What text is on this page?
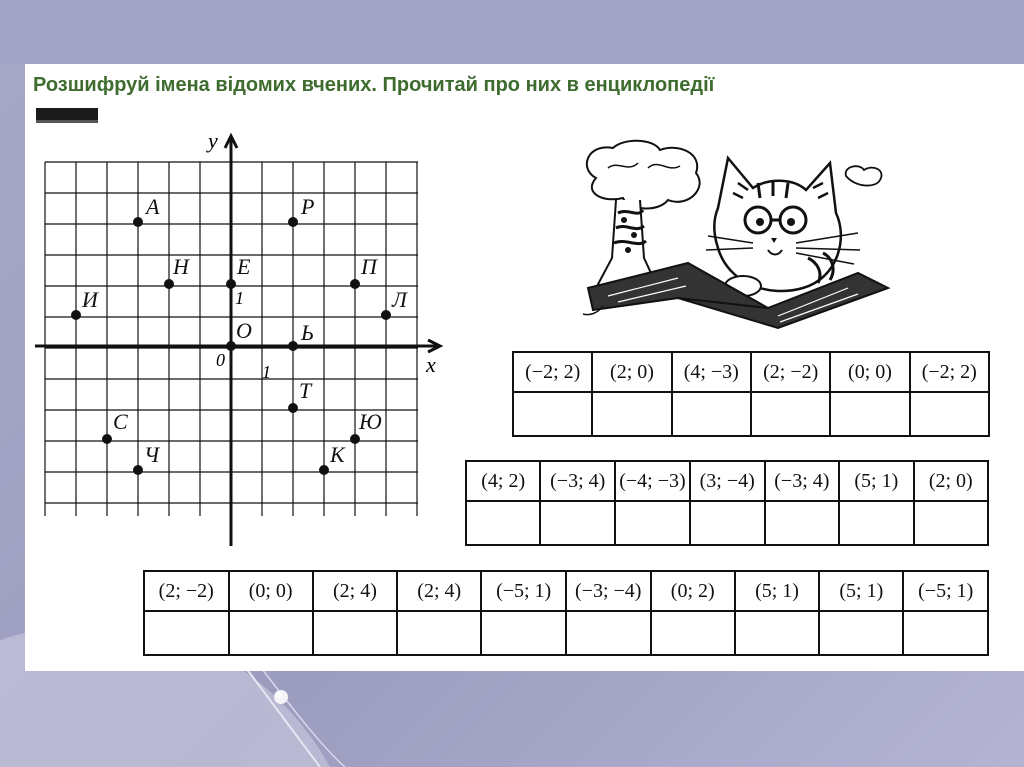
Розшифруй імена відомих вчених. Прочитай про них в енциклопедії
А	Р
Н Е	П
И	Л
О Ь
Т
С	Ю
Ч	К
x
y
0
1
1
(−2; 2)	(2; 0)	(4; −3)	(2; −2)	(0; 0)	(−2; 2)

(4; 2)	(−3; 4)	(−4; −3)	(3; −4)	(−3; 4)	(5; 1)	(2; 0)

(2; −2)	(0; 0)	(2; 4)	(2; 4)	(−5; 1)	(−3; −4)	(0; 2)	(5; 1)	(5; 1)	(−5; 1)
